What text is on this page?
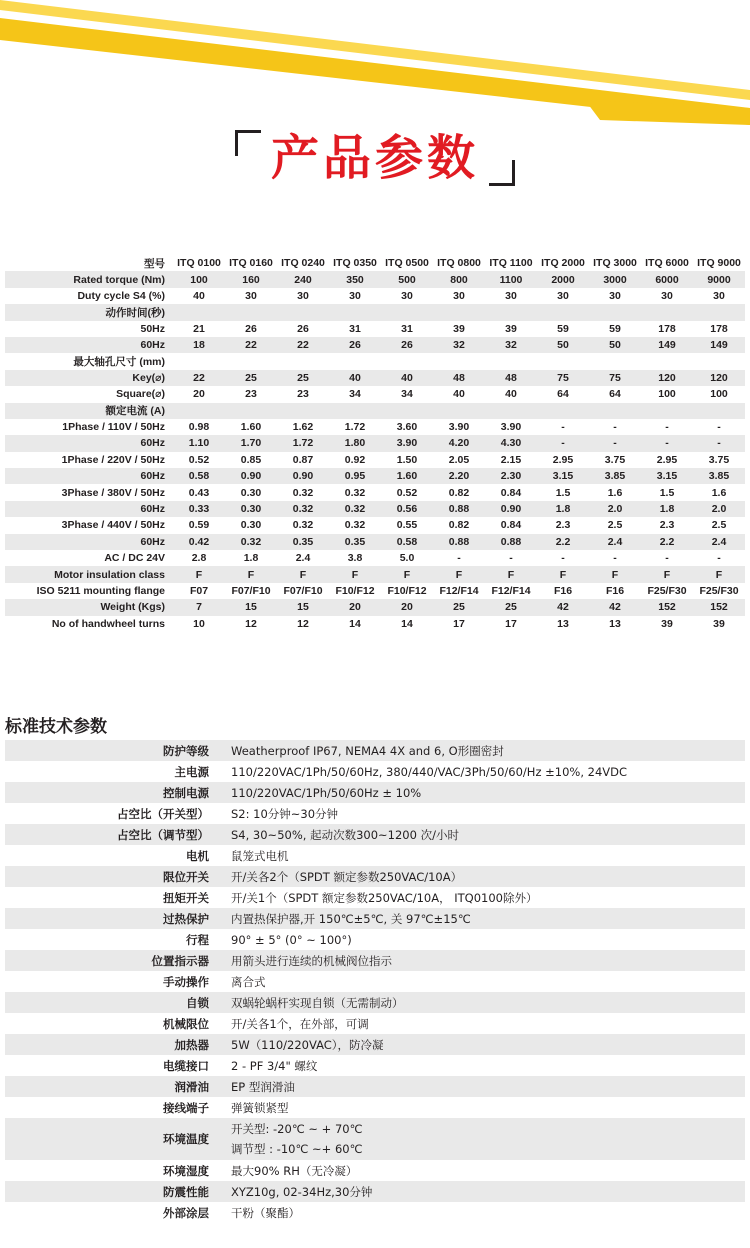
产品参数
型号	ITQ 0100	ITQ 0160	ITQ 0240	ITQ 0350	ITQ 0500	ITQ 0800	ITQ 1100	ITQ 2000	ITQ 3000	ITQ 6000	ITQ 9000
Rated torque (Nm)	100	160	240	350	500	800	1100	2000	3000	6000	9000
Duty cycle S4 (%)	40	30	30	30	30	30	30	30	30	30	30
动作时间(秒)											
50Hz	21	26	26	31	31	39	39	59	59	178	178
60Hz	18	22	22	26	26	32	32	50	50	149	149
最大轴孔尺寸 (mm)											
Key(⌀)	22	25	25	40	40	48	48	75	75	120	120
Square(⌀)	20	23	23	34	34	40	40	64	64	100	100
额定电流 (A)											
1Phase / 110V / 50Hz	0.98	1.60	1.62	1.72	3.60	3.90	3.90	-	-	-	-
60Hz	1.10	1.70	1.72	1.80	3.90	4.20	4.30	-	-	-	-
1Phase / 220V / 50Hz	0.52	0.85	0.87	0.92	1.50	2.05	2.15	2.95	3.75	2.95	3.75
60Hz	0.58	0.90	0.90	0.95	1.60	2.20	2.30	3.15	3.85	3.15	3.85
3Phase / 380V / 50Hz	0.43	0.30	0.32	0.32	0.52	0.82	0.84	1.5	1.6	1.5	1.6
60Hz	0.33	0.30	0.32	0.32	0.56	0.88	0.90	1.8	2.0	1.8	2.0
3Phase / 440V / 50Hz	0.59	0.30	0.32	0.32	0.55	0.82	0.84	2.3	2.5	2.3	2.5
60Hz	0.42	0.32	0.35	0.35	0.58	0.88	0.88	2.2	2.4	2.2	2.4
AC / DC 24V	2.8	1.8	2.4	3.8	5.0	-	-	-	-	-	-
Motor insulation class	F	F	F	F	F	F	F	F	F	F	F
ISO 5211 mounting flange	F07	F07/F10	F07/F10	F10/F12	F10/F12	F12/F14	F12/F14	F16	F16	F25/F30	F25/F30
Weight (Kgs)	7	15	15	20	20	25	25	42	42	152	152
No of handwheel turns	10	12	12	14	14	17	17	13	13	39	39
标准技术参数
防护等级	Weatherproof IP67, NEMA4 4X and 6, O形圈密封
主电源	110/220VAC/1Ph/50/60Hz, 380/440/VAC/3Ph/50/60/Hz ±10%, 24VDC
控制电源	110/220VAC/1Ph/50/60Hz ± 10%
占空比（开关型）	S2: 10分钟~30分钟
占空比（调节型）	S4, 30~50%, 起动次数300~1200 次/小时
电机	鼠笼式电机
限位开关	开/关各2个（SPDT 额定参数250VAC/10A）
扭矩开关	开/关1个（SPDT 额定参数250VAC/10A， ITQ0100除外）
过热保护	内置热保护器,开 150℃±5℃, 关 97℃±15℃
行程	90° ± 5° (0° ~ 100°)
位置指示器	用箭头进行连续的机械阀位指示
手动操作	离合式
自锁	双蜗轮蜗杆实现自锁（无需制动）
机械限位	开/关各1个，在外部，可调
加热器	5W（110/220VAC），防冷凝
电缆接口	2 - PF 3/4" 螺纹
润滑油	EP 型润滑油
接线端子	弹簧锁紧型
环境温度	开关型: -20℃ ~ + 70℃
调节型 : -10℃ ~+ 60℃

环境湿度	最大90% RH（无冷凝）
防震性能	XYZ10g, 02-34Hz,30分钟
外部涂层	干粉（聚酯）
